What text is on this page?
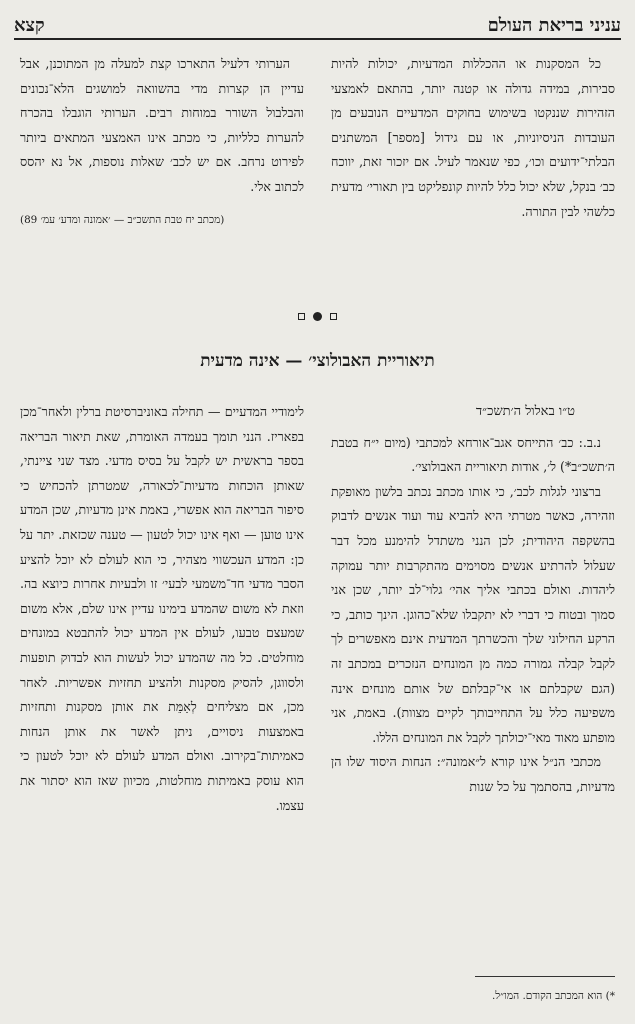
עניני בריאת העולם
קצא

כל המסקנות או ההכללות המדעיות, יכולות להיות סבירות, במידה גדולה או קטנה יותר, בהתאם לאמצעי הזהירות שננקטו בשימוש בחוקים המדעיים הנובעים מן העובדות הניסיוניות, או עם גידול [מספר] המשתנים הבלתי־ידועים וכו׳, כפי שנאמר לעיל. אם יזכור זאת, יווכח כב׳ בנקל, שלא יכול כלל להיות קונפליקט בין תאורי׳ מדעית כלשהי לבין התורה.

הערותי דלעיל התארכו קצת למעלה מן המתוכנן, אבל עדיין הן קצרות מדי בהשוואה למושגים הלא־נכונים והבלבול השורר במוחות רבים. הערותי הוגבלו בהכרח להערות כלליות, כי מכתב אינו האמצעי המתאים ביותר לפירוט נרחב. אם יש לכב׳ שאלות נוספות, אל נא יהסס לכתוב אלי.

(מכתב יח טבת התשכ״ב — ׳אמונה ומדע׳ עמ׳ 89)

תיאוריית האבולוצי׳ — אינה מדעית

ט״ו באלול ה׳תשכ״ד

נ.ב.: כב׳ התייחס אגב־אורחא למכתבי (מיום י״ח בטבת ה׳תשכ״ב*) ל׳, אודות תיאוריית האבולוצי׳.

ברצוני לגלות לכב׳, כי אותו מכתב נכתב בלשון מאופקת וזהירה, כאשר מטרתי היא להביא עוד ועוד אנשים לדבוק בהשקפה היהודית; לכן הנני משתדל להימנע מכל דבר שעלול להרתיע אנשים מסוימים מהתקרבות יותר עמוקה ליהדות. ואולם בכתבי אליך אהי׳ גלוי־לב יותר, שכן אני סמוך ובטוח כי דברי לא יתקבלו שלא־כהוגן. הינך כותב, כי הרקע החילוני שלך והכשרתך המדעית אינם מאפשרים לך לקבל קבלה גמורה כמה מן המונחים הנזכרים במכתב זה (הגם שקבלתם או אי־קבלתם של אותם מונחים אינה משפיעה כלל על התחייבותך לקיים מצוות). באמת, אני מופתע מאוד מאי־יכולתך לקבל את המונחים הללו.

מכתבי הנ״ל אינו קורא ל״אמונה״: הנחות היסוד שלו הן מדעיות, בהסתמך על כל שנות

לימודיי המדעיים — תחילה באוניברסיטת ברלין ולאחר־מכן בפאריז. הנני תומך בעמדה האומרת, שאת תיאור הבריאה בספר בראשית יש לקבל על בסיס מדעי. מצד שני ציינתי, שאותן הוכחות מדעיות־לכאורה, שמטרתן להכחיש כי סיפור הבריאה הוא אפשרי, באמת אינן מדעיות, שכן המדע אינו טוען — ואף אינו יכול לטעון — טענה שכזאת. יתר על כן: המדע העכשווי מצהיר, כי הוא לעולם לא יוכל להציע הסבר מדעי חד־משמעי לבעי׳ זו ולבעיות אחרות כיוצא בה. וזאת לא משום שהמדע בימינו עדיין אינו שלם, אלא משום שמעצם טבעו, לעולם אין המדע יכול להתבטא במונחים מוחלטים. כל מה שהמדע יכול לעשות הוא לבדוק תופעות ולסווגן, להסיק מסקנות ולהציע תחזיות אפשריות. לאחר מכן, אם מצליחים לְאַמֵּת את אותן מסקנות ותחזיות באמצעות ניסויים, ניתן לאשר את אותן הנחות כאמיתות־בקירוב. ואולם המדע לעולם לא יוכל לטעון כי הוא עוסק באמיתות מוחלטות, מכיוון שאז הוא יסתור את עצמו.

*) הוא המכתב הקודם. המו״ל.
